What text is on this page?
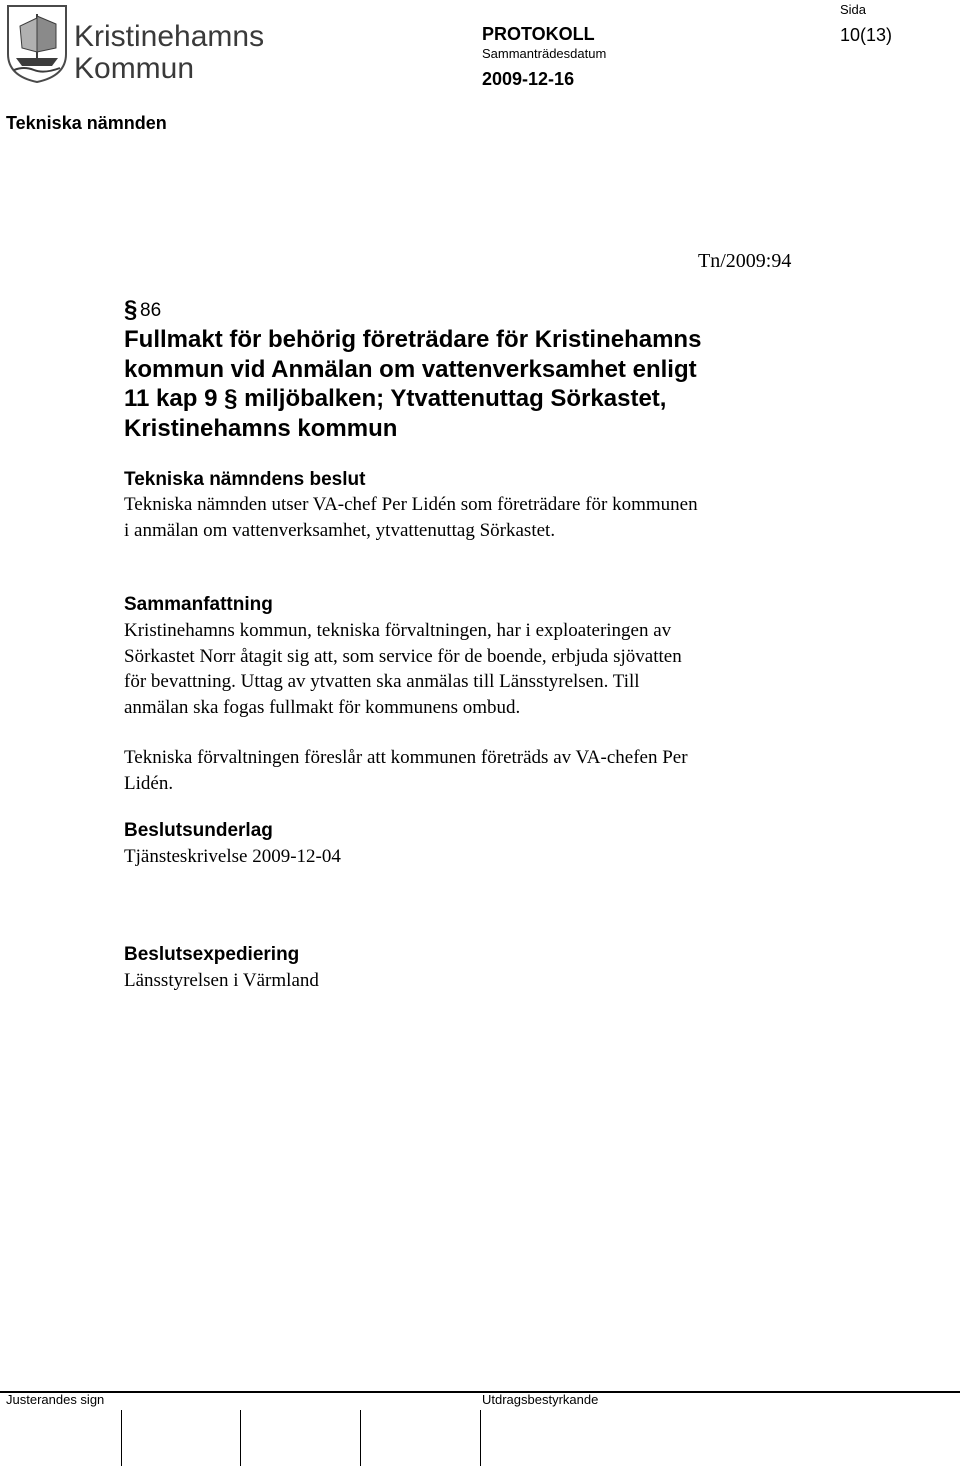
Kristinehamns
Kommun
PROTOKOLL
Sammanträdesdatum
2009-12-16
Sida
10(13)
Tekniska nämnden
Tn/2009:94
§ 86
Fullmakt för behörig företrädare för Kristinehamns
kommun vid Anmälan om vattenverksamhet enligt
11 kap 9 § miljöbalken; Ytvattenuttag Sörkastet,
Kristinehamns kommun
Tekniska nämndens beslut
Tekniska nämnden utser VA-chef Per Lidén som företrädare för kommunen
i anmälan om vattenverksamhet, ytvattenuttag Sörkastet.
Sammanfattning
Kristinehamns kommun, tekniska förvaltningen, har i exploateringen av
Sörkastet Norr åtagit sig att, som service för de boende, erbjuda sjövatten
för bevattning. Uttag av ytvatten ska anmälas till Länsstyrelsen. Till
anmälan ska fogas fullmakt för kommunens ombud.
Tekniska förvaltningen föreslår att kommunen företräds av VA-chefen Per
Lidén.
Beslutsunderlag
Tjänsteskrivelse 2009-12-04
Beslutsexpediering
Länsstyrelsen i Värmland
Justerandes sign	Utdragsbestyrkande
